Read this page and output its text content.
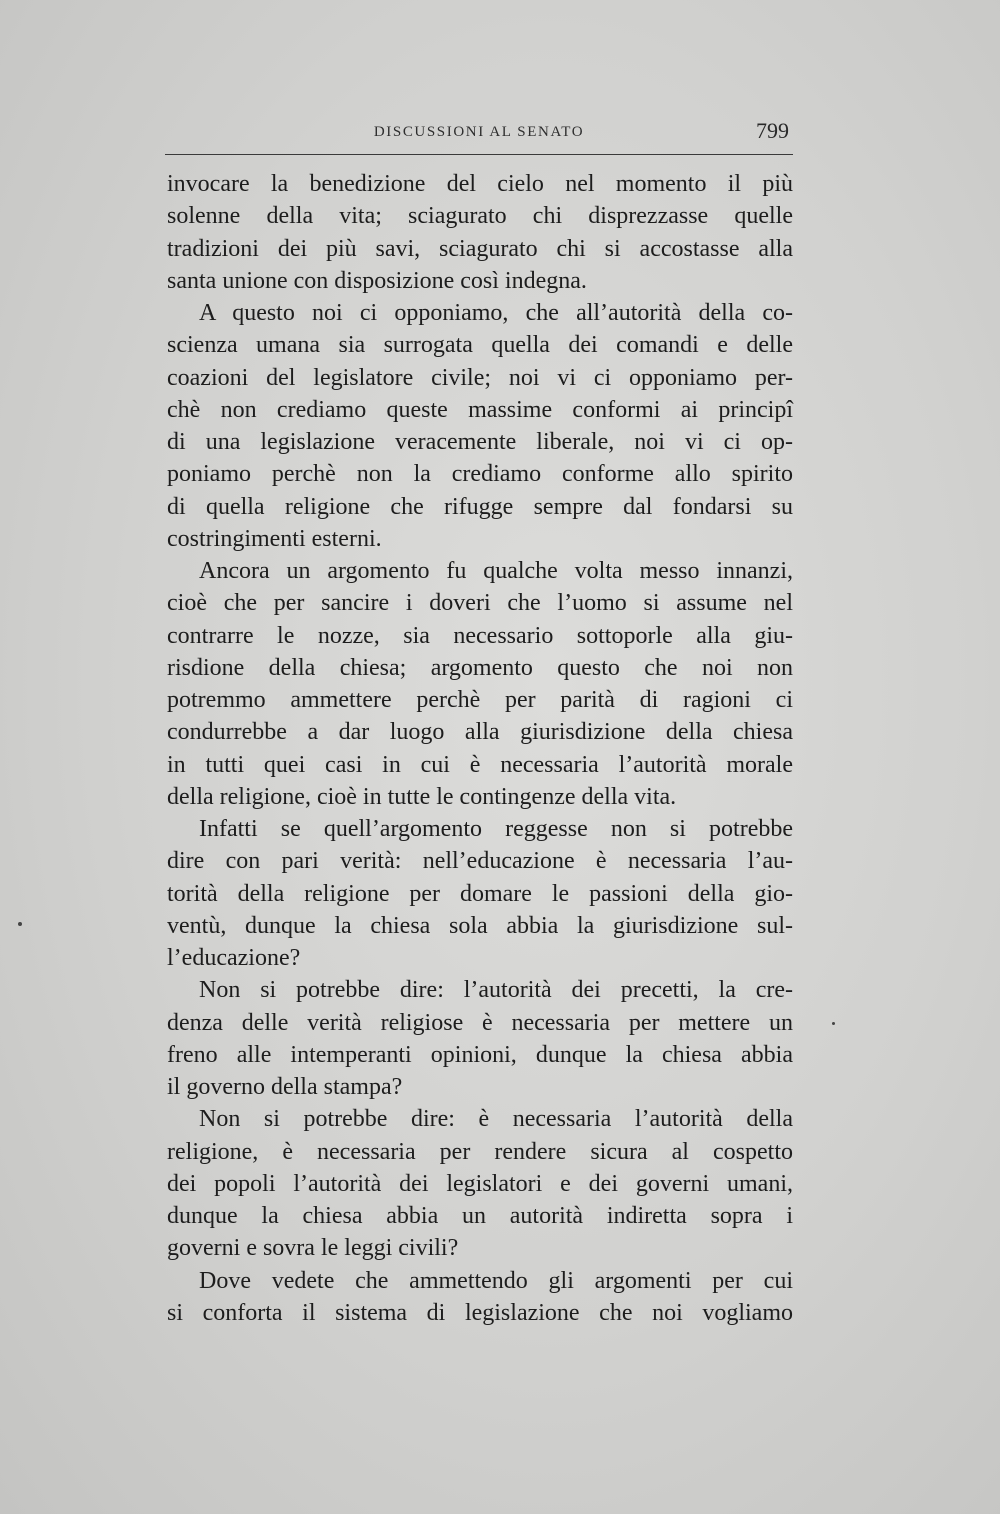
DISCUSSIONI AL SENATO	799
invocare la benedizione del cielo nel momento il più
solenne della vita; sciagurato chi disprezzasse quelle
tradizioni dei più savi, sciagurato chi si accostasse alla
santa unione con disposizione così indegna.
A questo noi ci opponiamo, che all’autorità della co-
scienza umana sia surrogata quella dei comandi e delle
coazioni del legislatore civile; noi vi ci opponiamo per-
chè non crediamo queste massime conformi ai principî
di una legislazione veracemente liberale, noi vi ci op-
poniamo perchè non la crediamo conforme allo spirito
di quella religione che rifugge sempre dal fondarsi su
costringimenti esterni.
Ancora un argomento fu qualche volta messo innanzi,
cioè che per sancire i doveri che l’uomo si assume nel
contrarre le nozze, sia necessario sottoporle alla giu-
risdione della chiesa; argomento questo che noi non
potremmo ammettere perchè per parità di ragioni ci
condurrebbe a dar luogo alla giurisdizione della chiesa
in tutti quei casi in cui è necessaria l’autorità morale
della religione, cioè in tutte le contingenze della vita.
Infatti se quell’argomento reggesse non si potrebbe
dire con pari verità: nell’educazione è necessaria l’au-
torità della religione per domare le passioni della gio-
ventù, dunque la chiesa sola abbia la giurisdizione sul-
l’educazione?
Non si potrebbe dire: l’autorità dei precetti, la cre-
denza delle verità religiose è necessaria per mettere un
freno alle intemperanti opinioni, dunque la chiesa abbia
il governo della stampa?
Non si potrebbe dire: è necessaria l’autorità della
religione, è necessaria per rendere sicura al cospetto
dei popoli l’autorità dei legislatori e dei governi umani,
dunque la chiesa abbia un autorità indiretta sopra i
governi e sovra le leggi civili?
Dove vedete che ammettendo gli argomenti per cui
si conforta il sistema di legislazione che noi vogliamo
